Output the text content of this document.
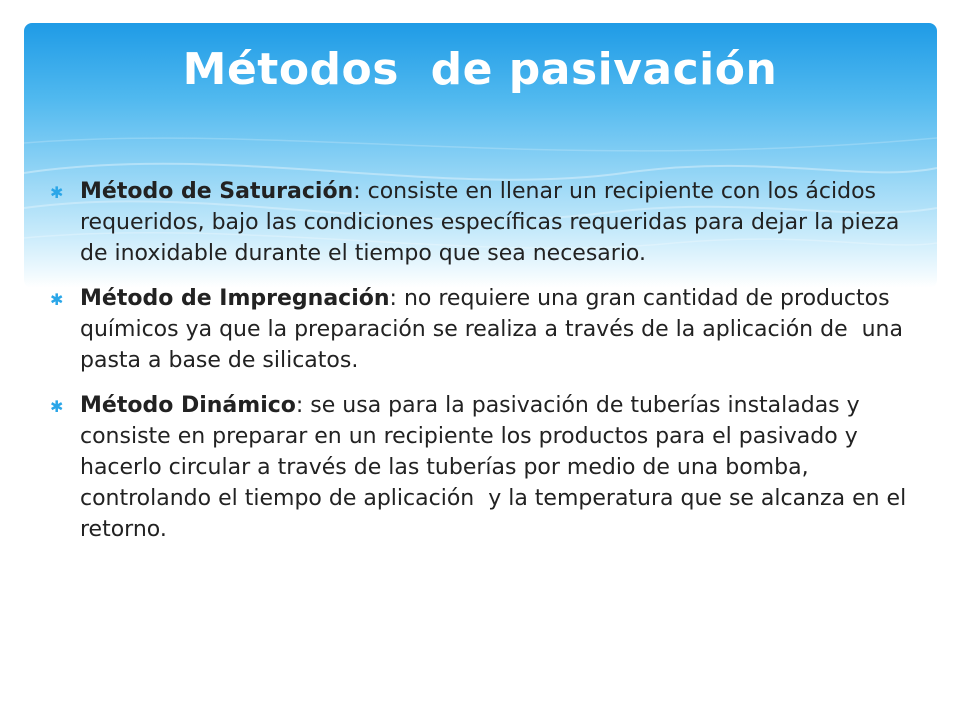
Métodos  de pasivación
✱ Método de Saturación: consiste en llenar un recipiente con los ácidos requeridos, bajo las condiciones específicas requeridas para dejar la pieza de inoxidable durante el tiempo que sea necesario.
✱ Método de Impregnación: no requiere una gran cantidad de productos químicos ya que la preparación se realiza a través de la aplicación de  una pasta a base de silicatos.
✱ Método Dinámico: se usa para la pasivación de tuberías instaladas y consiste en preparar en un recipiente los productos para el pasivado y hacerlo circular a través de las tuberías por medio de una bomba, controlando el tiempo de aplicación  y la temperatura que se alcanza en el retorno.
